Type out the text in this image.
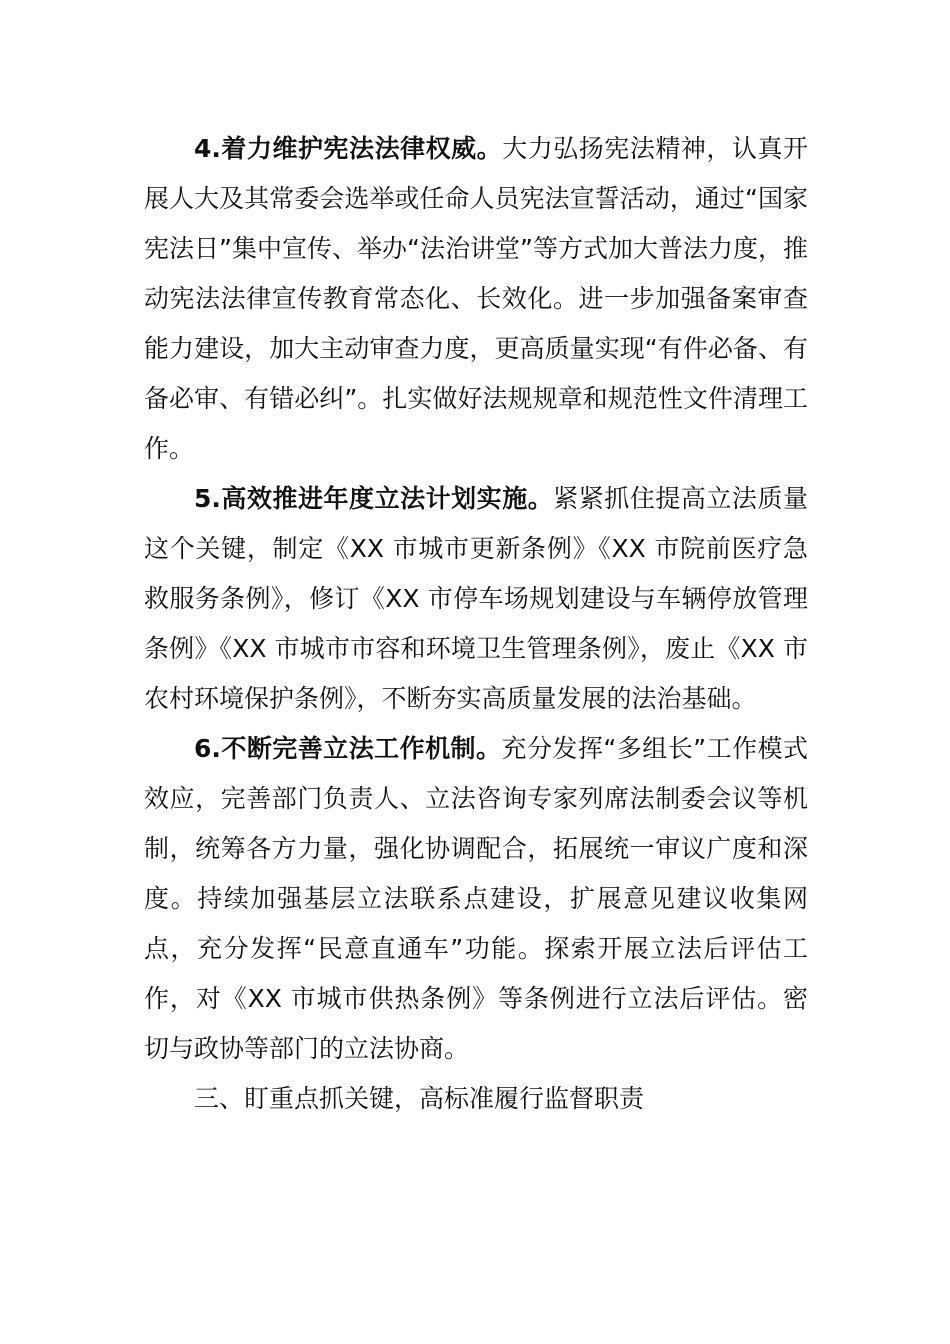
4.着力维护宪法法律权威。大力弘扬宪法精神，认真开展人大及其常委会选举或任命人员宪法宣誓活动，通过“国家宪法日”集中宣传、举办“法治讲堂”等方式加大普法力度，推动宪法法律宣传教育常态化、长效化。进一步加强备案审查能力建设，加大主动审查力度，更高质量实现“有件必备、有备必审、有错必纠”。扎实做好法规规章和规范性文件清理工作。

5.高效推进年度立法计划实施。紧紧抓住提高立法质量这个关键，制定《XX 市城市更新条例》《XX 市院前医疗急救服务条例》，修订《XX 市停车场规划建设与车辆停放管理条例》《XX 市城市市容和环境卫生管理条例》，废止《XX 市农村环境保护条例》，不断夯实高质量发展的法治基础。

6.不断完善立法工作机制。充分发挥“多组长”工作模式效应，完善部门负责人、立法咨询专家列席法制委会议等机制，统筹各方力量，强化协调配合，拓展统一审议广度和深度。持续加强基层立法联系点建设，扩展意见建议收集网点，充分发挥“民意直通车”功能。探索开展立法后评估工作，对《XX 市城市供热条例》等条例进行立法后评估。密切与政协等部门的立法协商。

三、盯重点抓关键，高标准履行监督职责
